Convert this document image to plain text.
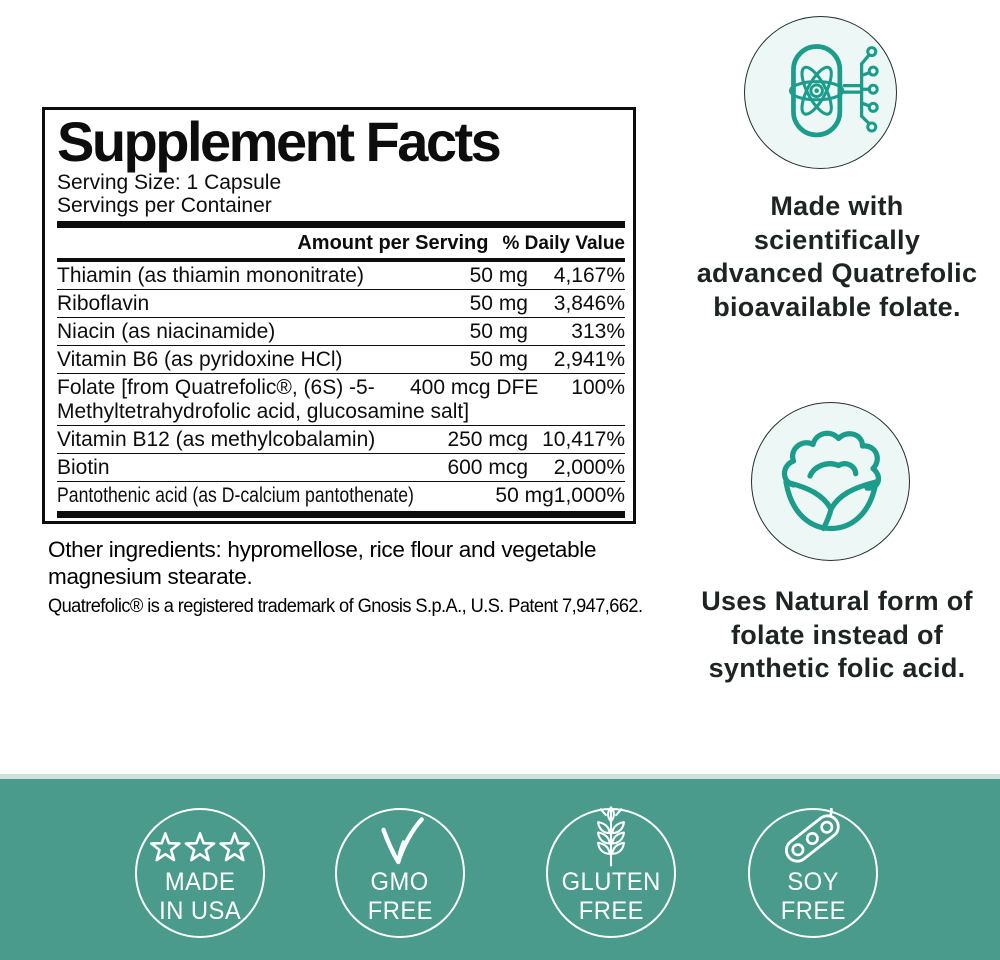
Supplement Facts
Serving Size: 1 Capsule
Servings per Container
Amount per Serving % Daily Value
Thiamin (as thiamin mononitrate)	50 mg	4,167%
Riboflavin	50 mg	3,846%
Niacin (as niacinamide)	50 mg	313%
Vitamin B6 (as pyridoxine HCl)	50 mg	2,941%
Folate [from Quatrefolic®, (6S) -5-	400 mcg DFE	100%
Methyltetrahydrofolic acid, glucosamine salt]
Vitamin B12 (as methylcobalamin)	250 mcg 10,417%
Biotin	600 mcg	2,000%
Pantothenic acid (as D-calcium pantothenate)	50 mg 1,000%
Other ingredients: hypromellose, rice flour and vegetable magnesium stearate.
Quatrefolic® is a registered trademark of Gnosis S.p.A., U.S. Patent 7,947,662.
Made with scientifically advanced Quatrefolic bioavailable folate.
Uses Natural form of folate instead of synthetic folic acid.
MADE
IN USA
GMO
FREE
GLUTEN
FREE
SOY
FREE
